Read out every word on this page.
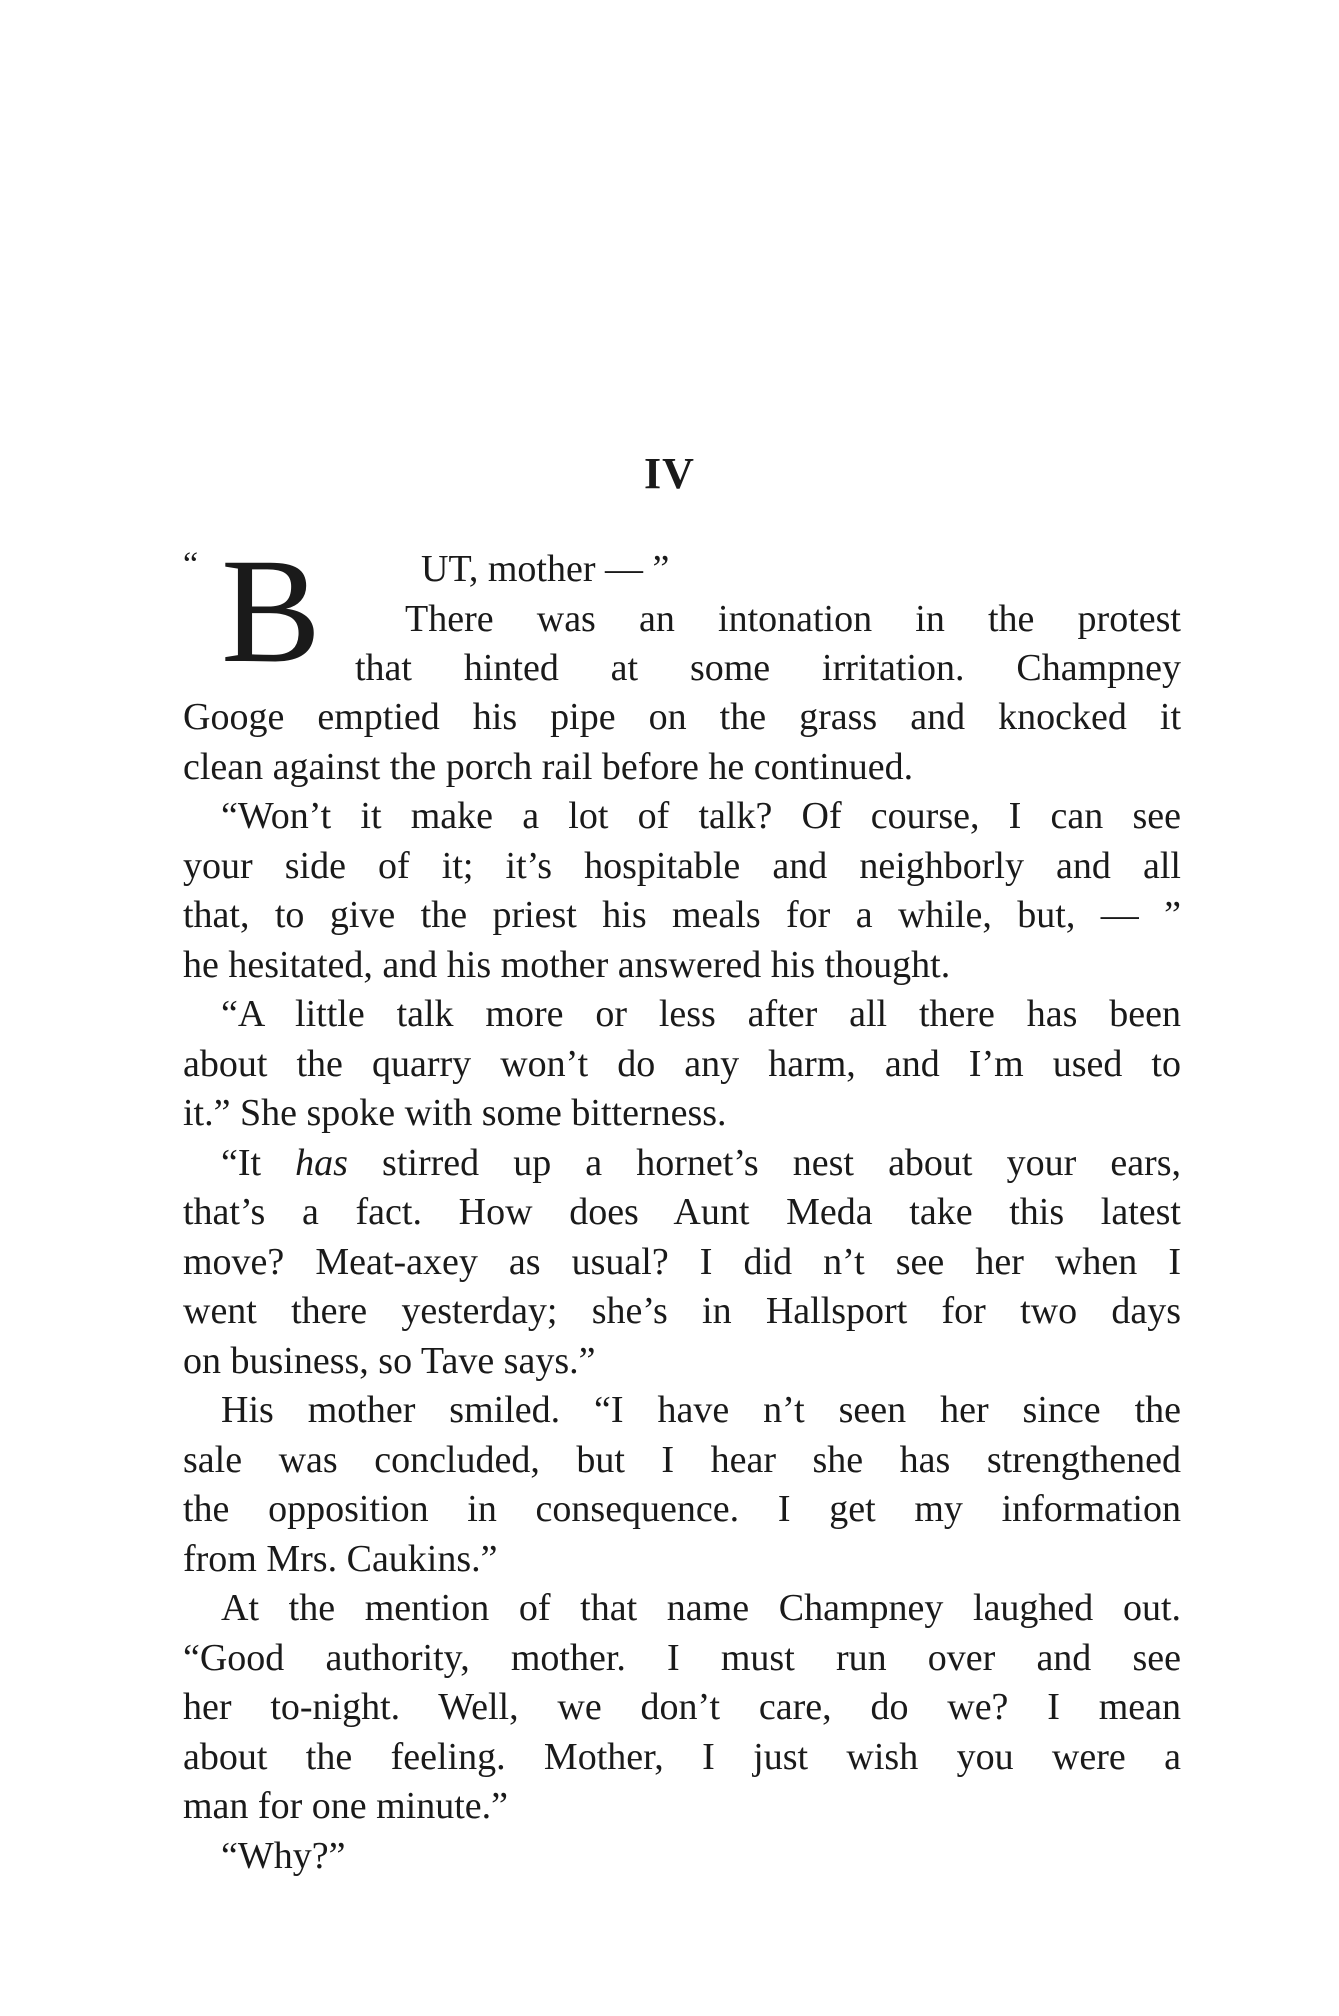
IV
“ B	UT, mother — ”
There was an intonation in the protest
that hinted at some irritation. Champney
Googe emptied his pipe on the grass and knocked it
clean against the porch rail before he continued.
“Won’t it make a lot of talk? Of course, I can see
your side of it; it’s hospitable and neighborly and all
that, to give the priest his meals for a while, but, — ”
he hesitated, and his mother answered his thought.
“A little talk more or less after all there has been
about the quarry won’t do any harm, and I’m used to
it.” She spoke with some bitterness.
“It has stirred up a hornet’s nest about your ears,
that’s a fact. How does Aunt Meda take this latest
move? Meat-axey as usual? I did n’t see her when I
went there yesterday; she’s in Hallsport for two days
on business, so Tave says.”
His mother smiled. “I have n’t seen her since the
sale was concluded, but I hear she has strengthened
the opposition in consequence. I get my information
from Mrs. Caukins.”
At the mention of that name Champney laughed out.
“Good authority, mother. I must run over and see
her to-night. Well, we don’t care, do we? I mean
about the feeling. Mother, I just wish you were a
man for one minute.”
“Why?”
